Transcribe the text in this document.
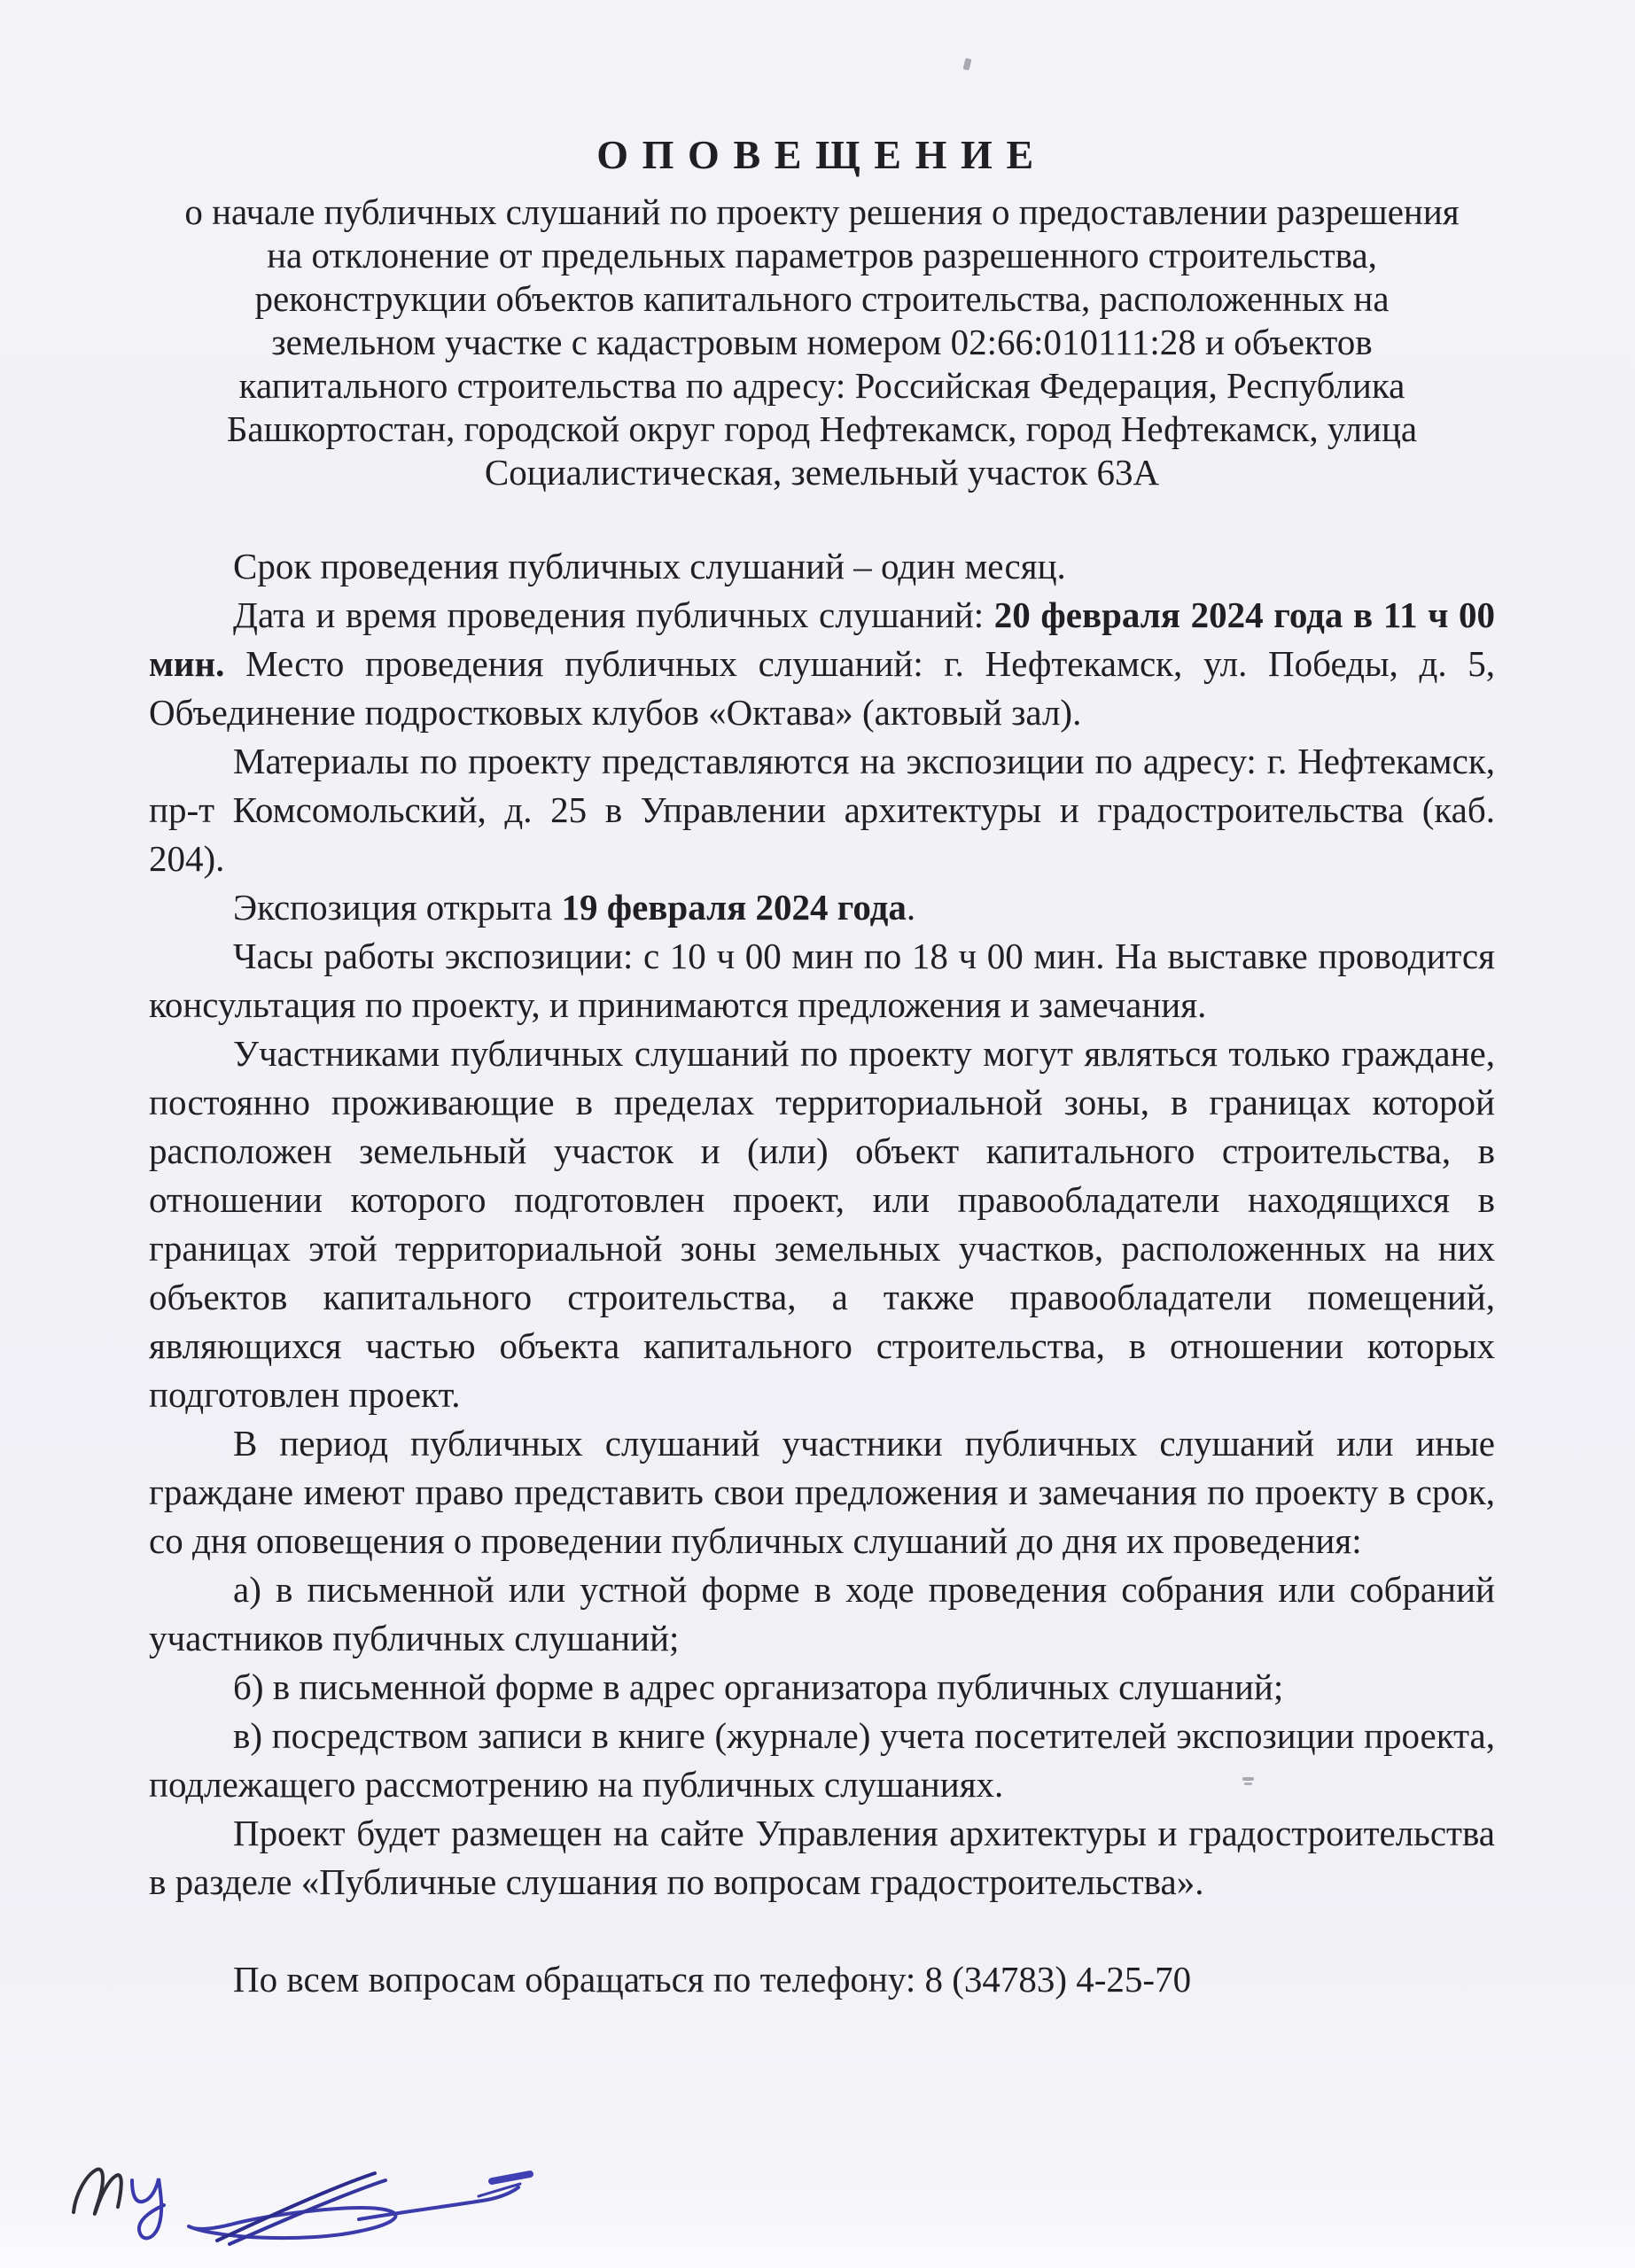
ОПОВЕЩЕНИЕ
о начале публичных слушаний по проекту решения о предоставлении разрешения
на отклонение от предельных параметров разрешенного строительства,
реконструкции объектов капитального строительства, расположенных на
земельном участке с кадастровым номером 02:66:010111:28 и объектов
капитального строительства по адресу: Российская Федерация, Республика
Башкортостан, городской округ город Нефтекамск, город Нефтекамск, улица
Социалистическая, земельный участок 63А

Срок проведения публичных слушаний – один месяц.

Дата и время проведения публичных слушаний: 20 февраля 2024 года в 11 ч 00 мин. Место проведения публичных слушаний: г. Нефтекамск, ул. Победы, д. 5, Объединение подростковых клубов «Октава» (актовый зал).

Материалы по проекту представляются на экспозиции по адресу: г. Нефтекамск, пр-т Комсомольский, д. 25 в Управлении архитектуры и градостроительства (каб. 204).

Экспозиция открыта 19 февраля 2024 года.

Часы работы экспозиции: с 10 ч 00 мин по 18 ч 00 мин. На выставке проводится консультация по проекту, и принимаются предложения и замечания.

Участниками публичных слушаний по проекту могут являться только граждане, постоянно проживающие в пределах территориальной зоны, в границах которой расположен земельный участок и (или) объект капитального строительства, в отношении которого подготовлен проект, или правообладатели находящихся в границах этой территориальной зоны земельных участков, расположенных на них объектов капитального строительства, а также правообладатели помещений, являющихся частью объекта капитального строительства, в отношении которых подготовлен проект.

В период публичных слушаний участники публичных слушаний или иные граждане имеют право представить свои предложения и замечания по проекту в срок, со дня оповещения о проведении публичных слушаний до дня их проведения:

а) в письменной или устной форме в ходе проведения собрания или собраний участников публичных слушаний;

б) в письменной форме в адрес организатора публичных слушаний;

в) посредством записи в книге (журнале) учета посетителей экспозиции проекта, подлежащего рассмотрению на публичных слушаниях.

Проект будет размещен на сайте Управления архитектуры и градостроительства в разделе «Публичные слушания по вопросам градостроительства».

По всем вопросам обращаться по телефону: 8 (34783) 4-25-70
